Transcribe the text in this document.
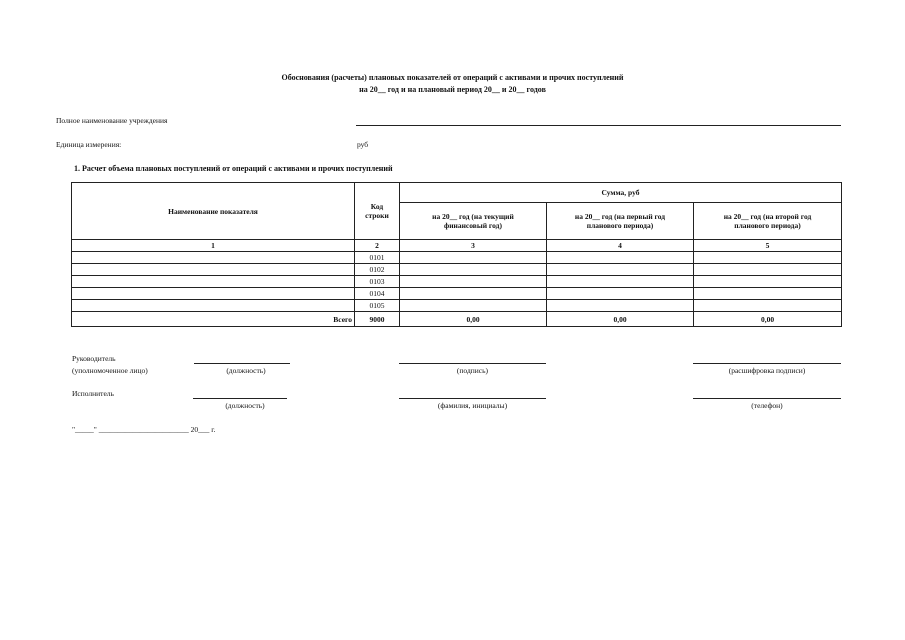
Обоснования (расчеты) плановых показателей от операций с активами и прочих поступлений
на 20__ год и на плановый период 20__ и 20__ годов
Полное наименование учреждения
Единица измерения:	руб
1. Расчет объема плановых поступлений от операций с активами и прочих поступлений
Наименование показателя	Код строки	Сумма, руб		
		на 20__ год (на текущий финансовый год)	на 20__ год (на первый год планового периода)	на 20__ год (на второй год планового периода)
1	2	3	4	5
	0101			
	0102			
	0103			
	0104			
	0105			
Всего	9000	0,00	0,00	0,00
Руководитель
(уполномоченное лицо)	(должность)	(подпись)	(расшифровка подписи)
Исполнитель
(должность)	(фамилия, инициалы)	(телефон)
"_____" ________________________ 20___ г.
